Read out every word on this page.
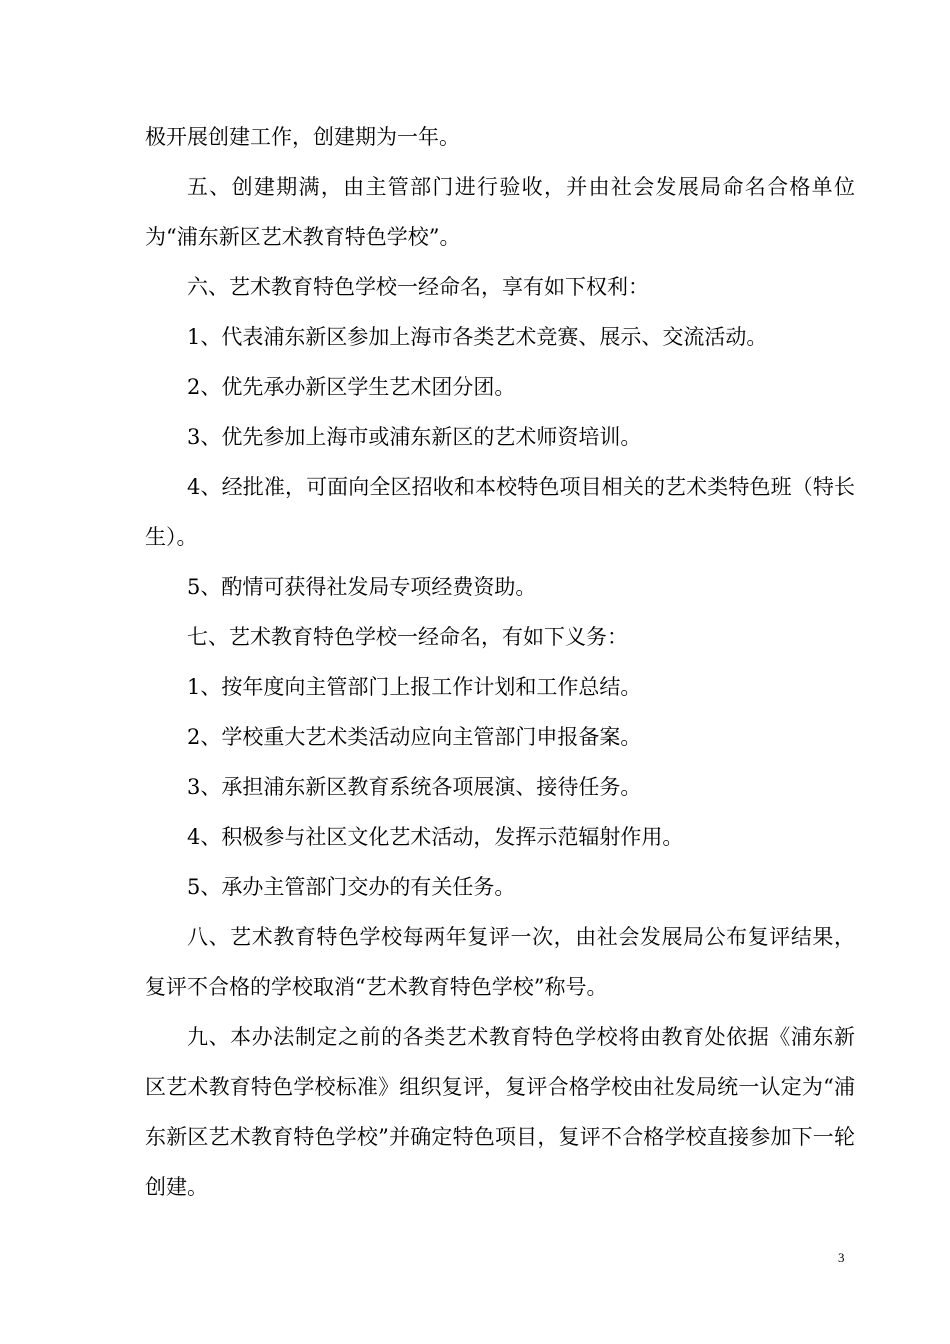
极开展创建工作，创建期为一年。

五、创建期满，由主管部门进行验收，并由社会发展局命名合格单位为“浦东新区艺术教育特色学校”。

六、艺术教育特色学校一经命名，享有如下权利：

1、代表浦东新区参加上海市各类艺术竞赛、展示、交流活动。

2、优先承办新区学生艺术团分团。

3、优先参加上海市或浦东新区的艺术师资培训。

4、经批准，可面向全区招收和本校特色项目相关的艺术类特色班（特长生）。

5、酌情可获得社发局专项经费资助。

七、艺术教育特色学校一经命名，有如下义务：

1、按年度向主管部门上报工作计划和工作总结。

2、学校重大艺术类活动应向主管部门申报备案。

3、承担浦东新区教育系统各项展演、接待任务。

4、积极参与社区文化艺术活动，发挥示范辐射作用。

5、承办主管部门交办的有关任务。

八、艺术教育特色学校每两年复评一次，由社会发展局公布复评结果，复评不合格的学校取消“艺术教育特色学校”称号。

九、本办法制定之前的各类艺术教育特色学校将由教育处依据《浦东新区艺术教育特色学校标准》组织复评，复评合格学校由社发局统一认定为“浦东新区艺术教育特色学校”并确定特色项目，复评不合格学校直接参加下一轮创建。

3
